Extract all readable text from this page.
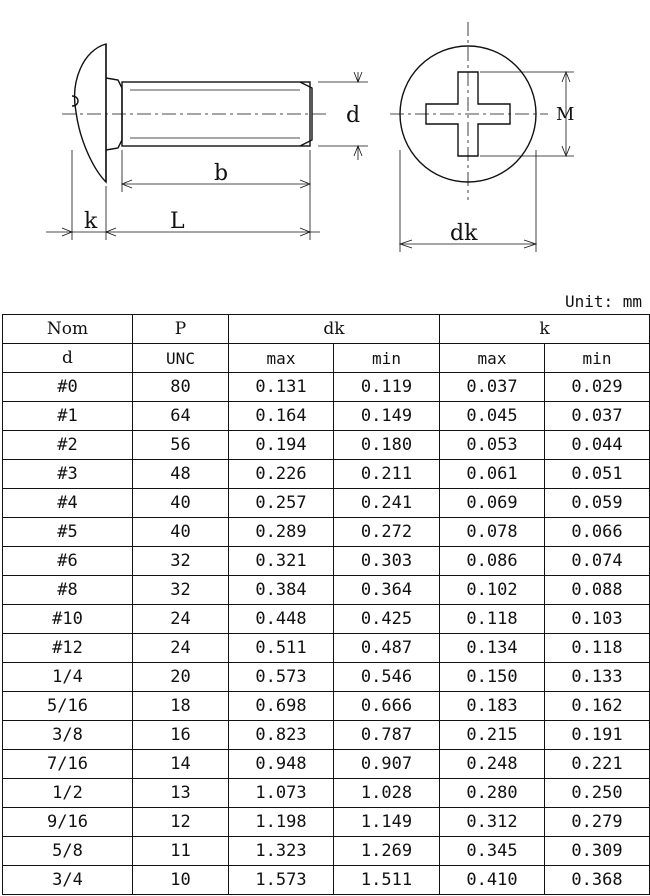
d
b
k	L
M
dk
Unit: mm
Nom	P	dk		k	
d	UNC	max	min	max	min
#0	80	0.131	0.119	0.037	0.029
#1	64	0.164	0.149	0.045	0.037
#2	56	0.194	0.180	0.053	0.044
#3	48	0.226	0.211	0.061	0.051
#4	40	0.257	0.241	0.069	0.059
#5	40	0.289	0.272	0.078	0.066
#6	32	0.321	0.303	0.086	0.074
#8	32	0.384	0.364	0.102	0.088
#10	24	0.448	0.425	0.118	0.103
#12	24	0.511	0.487	0.134	0.118
1/4	20	0.573	0.546	0.150	0.133
5/16	18	0.698	0.666	0.183	0.162
3/8	16	0.823	0.787	0.215	0.191
7/16	14	0.948	0.907	0.248	0.221
1/2	13	1.073	1.028	0.280	0.250
9/16	12	1.198	1.149	0.312	0.279
5/8	11	1.323	1.269	0.345	0.309
3/4	10	1.573	1.511	0.410	0.368
